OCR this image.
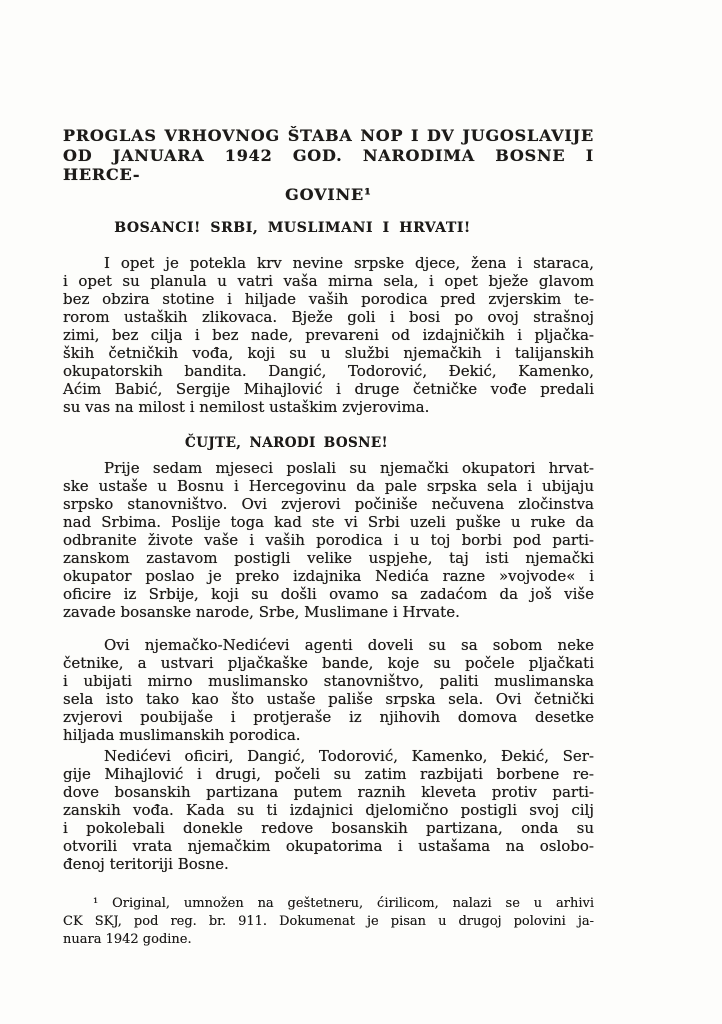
PROGLAS VRHOVNOG ŠTABA NOP I DV JUGOSLAVIJE
OD JANUARA 1942 GOD. NARODIMA BOSNE I HERCE-
GOVINE¹
BOSANCI! SRBI, MUSLIMANI I HRVATI!
I opet je potekla krv nevine srpske djece, žena i staraca,
i opet su planula u vatri vaša mirna sela, i opet bježe glavom
bez obzira stotine i hiljade vaših porodica pred zvjerskim te-
rorom ustaških zlikovaca. Bježe goli i bosi po ovoj strašnoj
zimi, bez cilja i bez nade, prevareni od izdajničkih i pljačka-
ških četničkih vođa, koji su u službi njemačkih i talijanskih
okupatorskih bandita. Dangić, Todorović, Đekić, Kamenko,
Aćim Babić, Sergije Mihajlović i druge četničke vođe predali
su vas na milost i nemilost ustaškim zvjerovima.
ČUJTE, NARODI BOSNE!
Prije sedam mjeseci poslali su njemački okupatori hrvat-
ske ustaše u Bosnu i Hercegovinu da pale srpska sela i ubijaju
srpsko stanovništvo. Ovi zvjerovi počiniše nečuvena zločinstva
nad Srbima. Poslije toga kad ste vi Srbi uzeli puške u ruke da
odbranite živote vaše i vaših porodica i u toj borbi pod parti-
zanskom zastavom postigli velike uspjehe, taj isti njemački
okupator poslao je preko izdajnika Nedića razne »vojvode« i
oficire iz Srbije, koji su došli ovamo sa zadaćom da još više
zavade bosanske narode, Srbe, Muslimane i Hrvate.
Ovi njemačko-Nedićevi agenti doveli su sa sobom neke
četnike, a ustvari pljačkaške bande, koje su počele pljačkati
i ubijati mirno muslimansko stanovništvo, paliti muslimanska
sela isto tako kao što ustaše pališe srpska sela. Ovi četnički
zvjerovi poubijaše i protjeraše iz njihovih domova desetke
hiljada muslimanskih porodica.
Nedićevi oficiri, Dangić, Todorović, Kamenko, Đekić, Ser-
gije Mihajlović i drugi, počeli su zatim razbijati borbene re-
dove bosanskih partizana putem raznih kleveta protiv parti-
zanskih vođa. Kada su ti izdajnici djelomično postigli svoj cilj
i pokolebali donekle redove bosanskih partizana, onda su
otvorili vrata njemačkim okupatorima i ustašama na oslobo-
đenoj teritoriji Bosne.
¹ Original, umnožen na geštetneru, ćirilicom, nalazi se u arhivi
CK SKJ, pod reg. br. 911. Dokumenat je pisan u drugoj polovini ja-
nuara 1942 godine.
